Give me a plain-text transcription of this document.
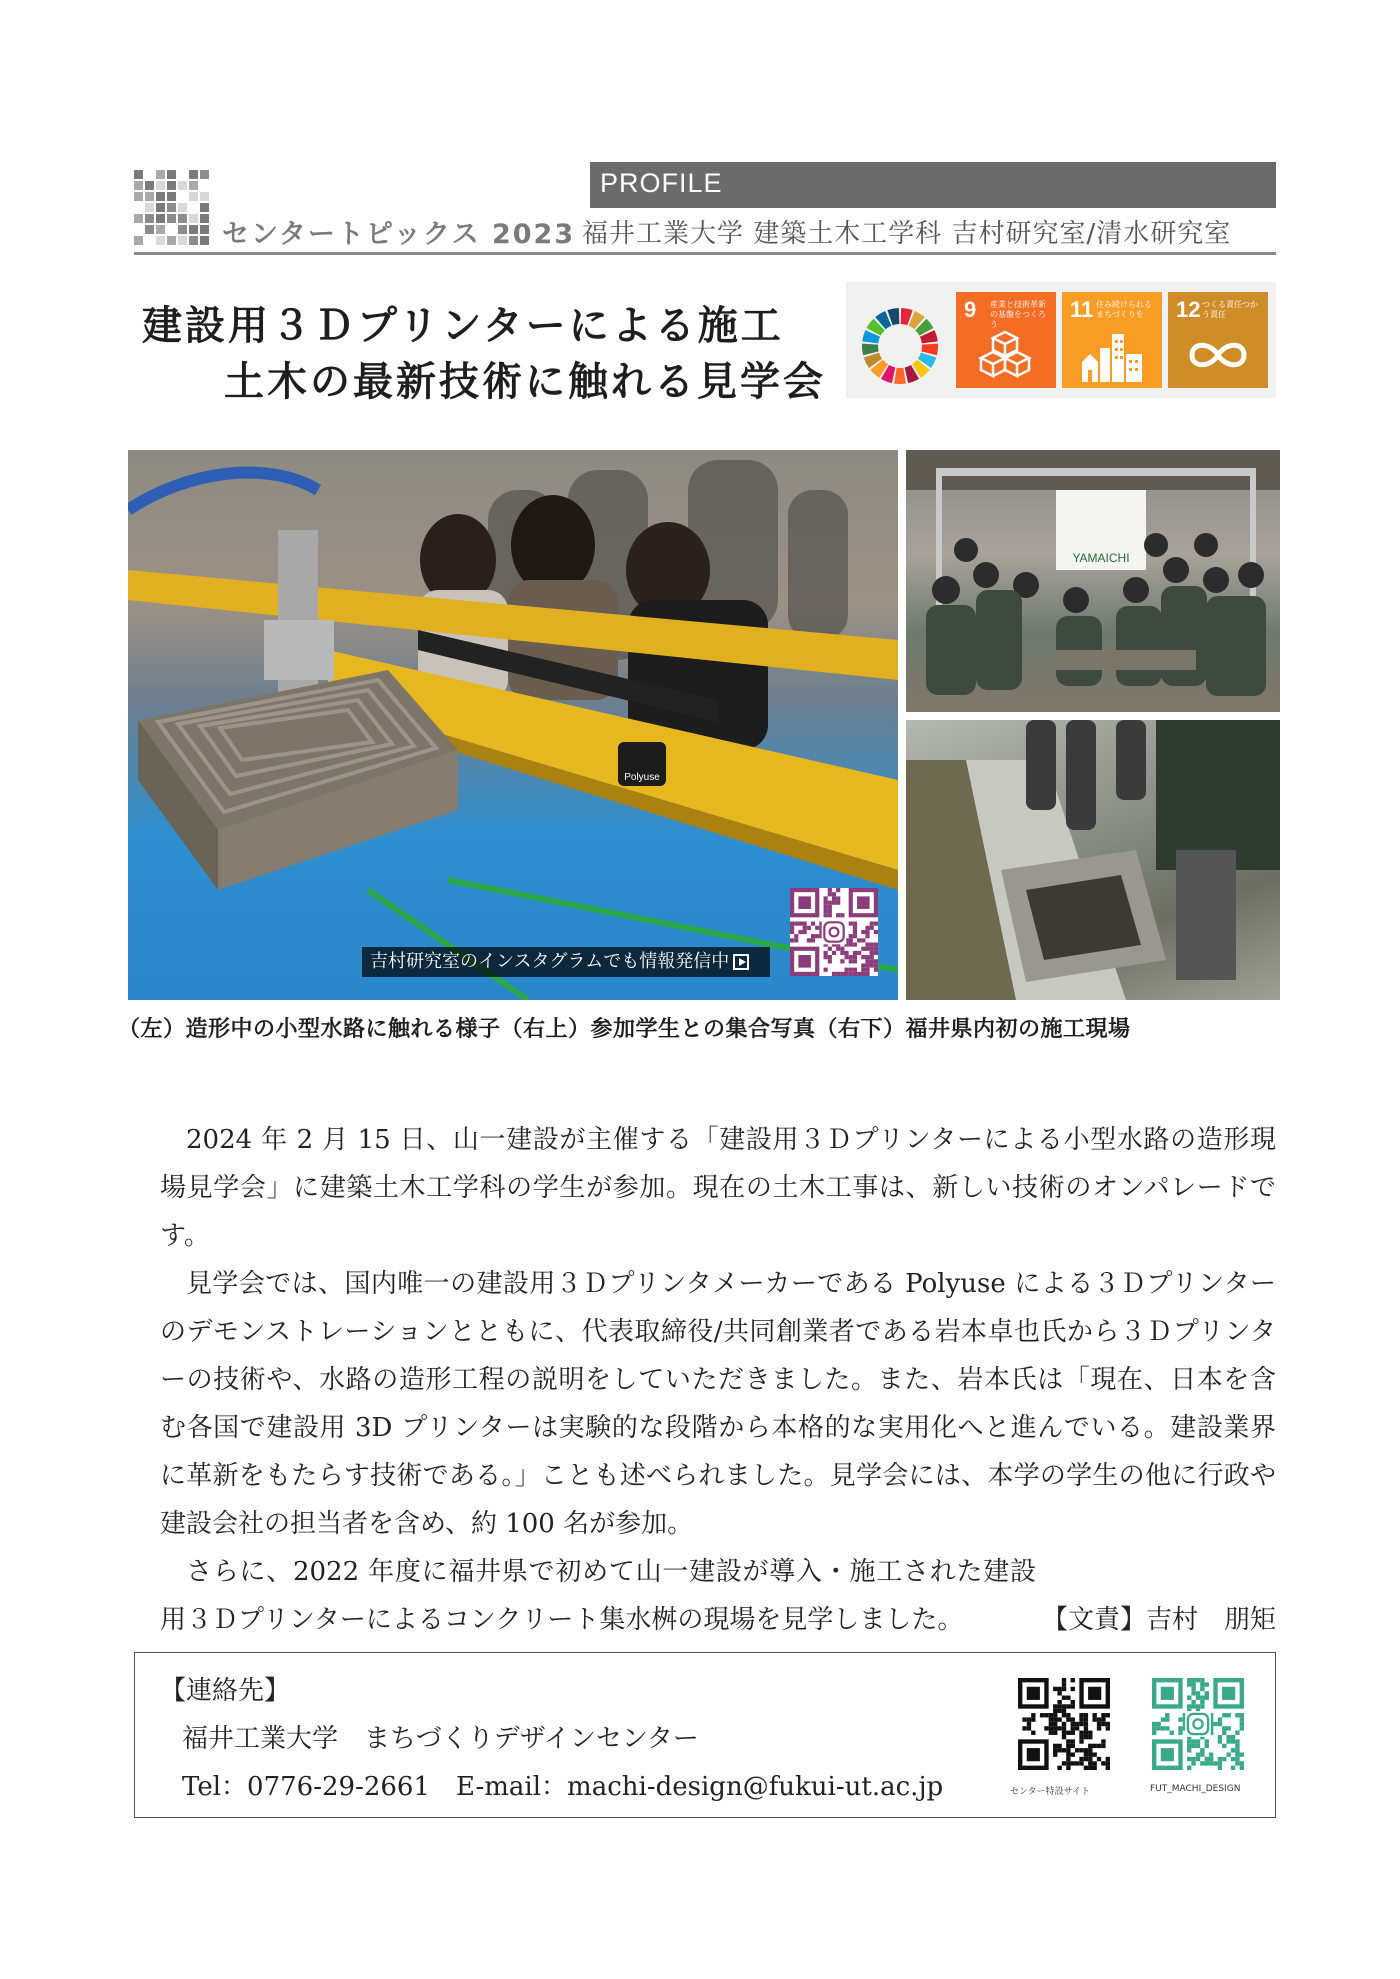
センタートピックス 2023
PROFILE
福井工業大学 建築土木工学科 吉村研究室/清水研究室
建設用３Ｄプリンターによる施工
土木の最新技術に触れる見学会
9 産業と技術革新の基盤をつくろう
11 住み続けられるまちづくりを	12 つくる責任つかう責任
Polyuse
YAMAICHI
吉村研究室のインスタグラムでも情報発信中
（左）造形中の小型水路に触れる様子（右上）参加学生との集合写真（右下）福井県内初の施工現場

2024 年 2 月 15 日、山一建設が主催する「建設用３Ｄプリンターによる小型水路の造形現場見学会」に建築土木工学科の学生が参加。現在の土木工事は、新しい技術のオンパレードです。

見学会では、国内唯一の建設用３Ｄプリンタメーカーである Polyuse による３Ｄプリンターのデモンストレーションとともに、代表取締役/共同創業者である岩本卓也氏から３Ｄプリンターの技術や、水路の造形工程の説明をしていただきました。また、岩本氏は「現在、日本を含む各国で建設用 3D プリンターは実験的な段階から本格的な実用化へと進んでいる。建設業界に革新をもたらす技術である。」ことも述べられました。見学会には、本学の学生の他に行政や建設会社の担当者を含め、約 100 名が参加。

さらに、2022 年度に福井県で初めて山一建設が導入・施工された建設用３Ｄプリンターによるコンクリート集水桝の現場を見学しました。	【文責】吉村　朋矩

【連絡先】
福井工業大学　まちづくりデザインセンター
Tel：0776-29-2661　E-mail：machi-design@fukui-ut.ac.jp	センター特設サイト	FUT_MACHI_DESIGN
